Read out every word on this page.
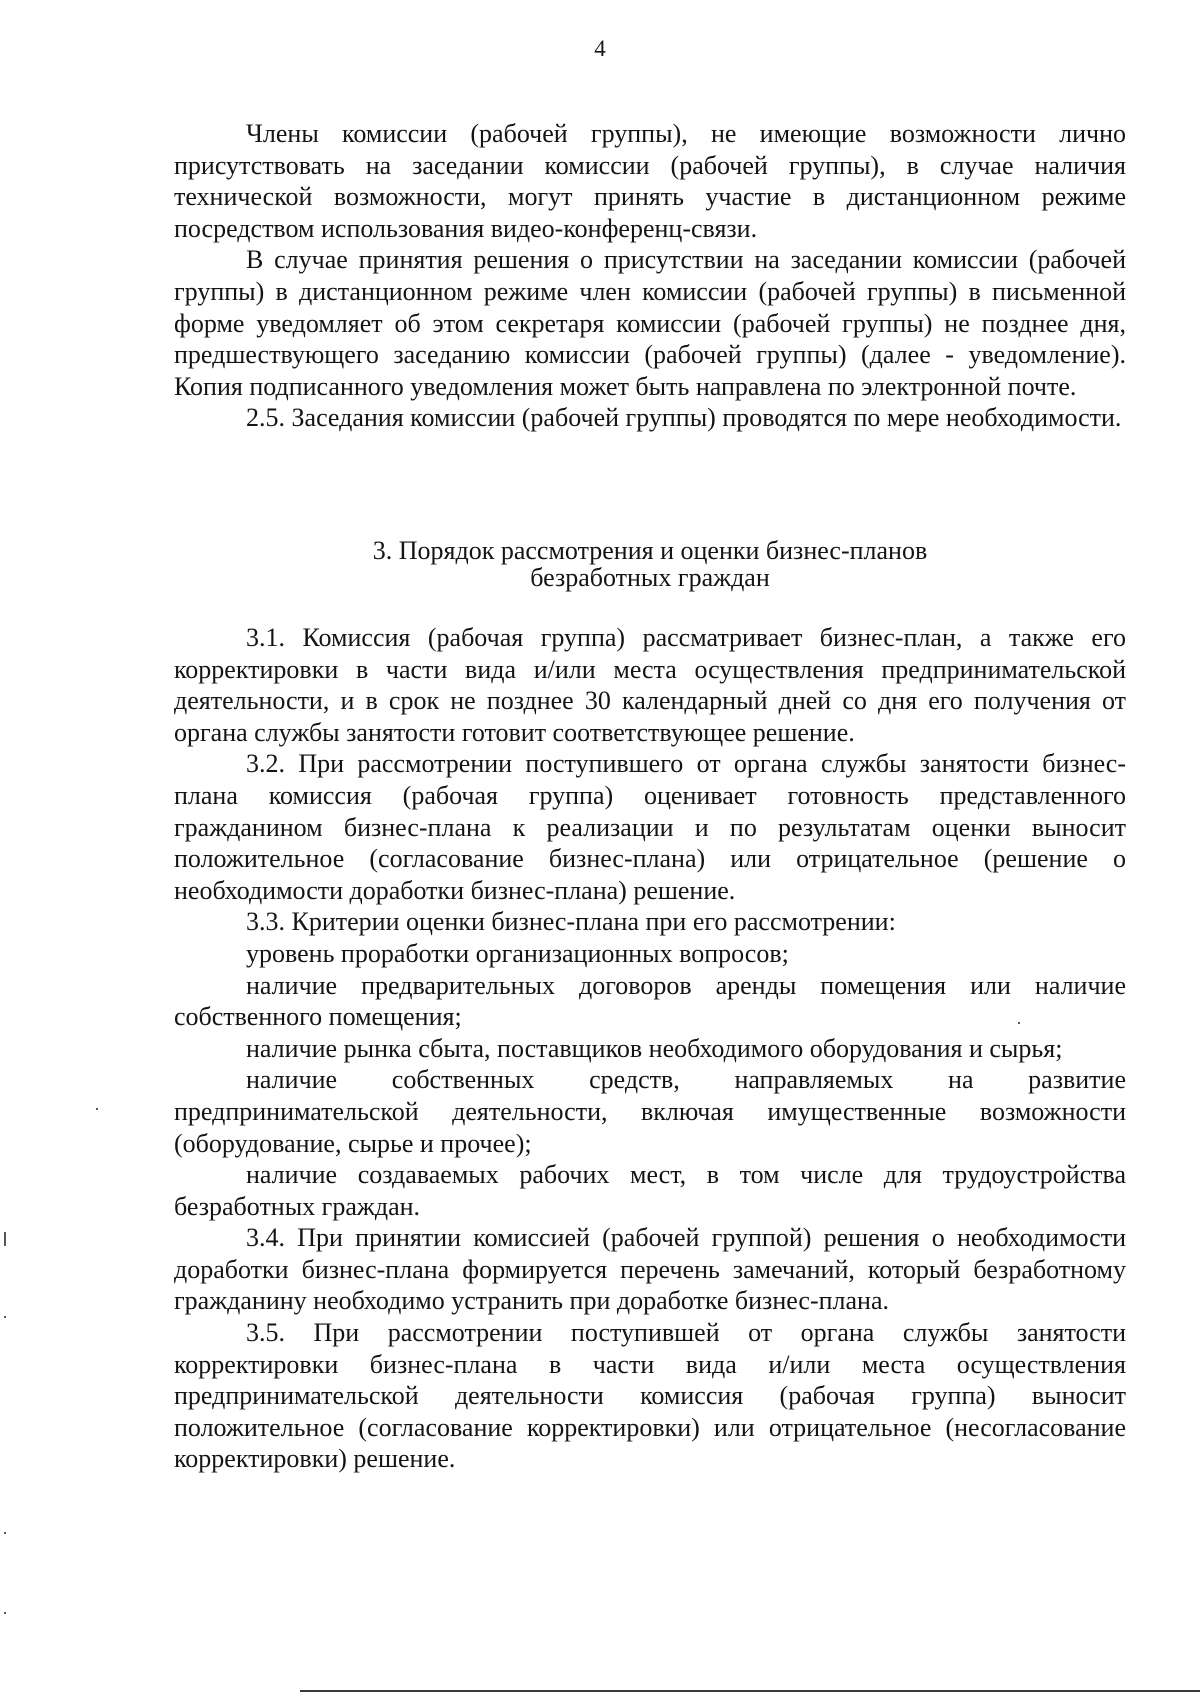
4

Члены комиссии (рабочей группы), не имеющие возможности лично присутствовать на заседании комиссии (рабочей группы), в случае наличия технической возможности, могут принять участие в дистанционном режиме посредством использования видео-конференц-связи.

В случае принятия решения о присутствии на заседании комиссии (рабочей группы) в дистанционном режиме член комиссии (рабочей группы) в письменной форме уведомляет об этом секретаря комиссии (рабочей группы) не позднее дня, предшествующего заседанию комиссии (рабочей группы) (далее - уведомление). Копия подписанного уведомления может быть направлена по электронной почте.

2.5. Заседания комиссии (рабочей группы) проводятся по мере необходимости.

3. Порядок рассмотрения и оценки бизнес-планов
безработных граждан

3.1. Комиссия (рабочая группа) рассматривает бизнес-план, а также его корректировки в части вида и/или места осуществления предпринимательской деятельности, и в срок не позднее 30 календарный дней со дня его получения от органа службы занятости готовит соответствующее решение.

3.2. При рассмотрении поступившего от органа службы занятости бизнес-плана комиссия (рабочая группа) оценивает готовность представленного гражданином бизнес-плана к реализации и по результатам оценки выносит положительное (согласование бизнес-плана) или отрицательное (решение о необходимости доработки бизнес-плана) решение.

3.3. Критерии оценки бизнес-плана при его рассмотрении:

уровень проработки организационных вопросов;

наличие предварительных договоров аренды помещения или наличие собственного помещения;

наличие рынка сбыта, поставщиков необходимого оборудования и сырья;

наличие собственных средств, направляемых на развитие предпринимательской деятельности, включая имущественные возможности (оборудование, сырье и прочее);

наличие создаваемых рабочих мест, в том числе для трудоустройства безработных граждан.

3.4. При принятии комиссией (рабочей группой) решения о необходимости доработки бизнес-плана формируется перечень замечаний, который безработному гражданину необходимо устранить при доработке бизнес-плана.

3.5. При рассмотрении поступившей от органа службы занятости корректировки бизнес-плана в части вида и/или места осуществления предпринимательской деятельности комиссия (рабочая группа) выносит положительное (согласование корректировки) или отрицательное (несогласование корректировки) решение.
